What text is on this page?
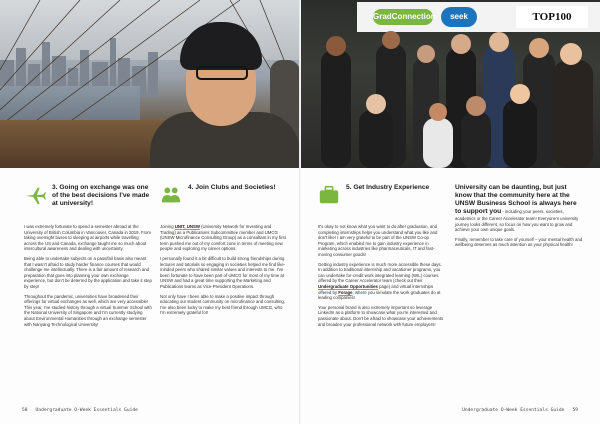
GradConnection	seek	TOP100
3. Going on exchange was one of the best decisions I've made at university!

I was extremely fortunate to spend a semester abroad at the University of British Columbia in Vancouver, Canada in 2019. From taking overnight buses to sleeping at airports while travelling across the US and Canada, exchange taught me so much about intercultural awareness and dealing with uncertainty.

Being able to undertake subjects on a pass/fail basis also meant that I wasn't afraid to study harder finance courses that would challenge me intellectually. There is a fair amount of research and preparation that goes into planning your own exchange experience, but don't be deterred by the application and take it step by step!

Throughout the pandemic, universities have broadened their offerings for virtual exchanges as well, which are very accessible! This year, I've studied history through a virtual Summer School with the National University of Singapore and I'm currently studying about Environmental Humanities through an exchange semester with Nanyang Technological University!

4. Join Clubs and Societies!

Joining UNIT, UNSW (University Network for Investing and Trading) as a Publications Subcommittee member and UMCG (UNSW Microfinance Consulting Group) as a consultant in my first term pushed me out of my comfort zone in terms of meeting new people and exploring my career options.

I personally found it a bit difficult to build strong friendships during lectures and tutorials so engaging in societies helped me find like-minded peers who shared similar values and interests to me. I've been fortunate to have been part of UMCG for most of my time at UNSW and had a great time supporting the Marketing and Publications teams as Vice-President Operations.

Not only have I been able to make a positive impact through educating our student community on microfinance and consulting, I've also been lucky to make my best friend through UMCG, who I'm extremely grateful for!

5. Get Industry Experience

It's okay to not know what you want to do after graduation, and completing internships helps you understand what you like and don't like! I am very grateful to be part of the UNSW Co-op Program, which enabled me to gain industry experience in marketing across industries like pharmaceuticals, IT and fast-moving consumer goods!

Getting industry experience is much more accessible these days. In addition to traditional internship and vacationer programs, you can undertake for-credit work integrated learning (WIL) courses offered by the Career Accelerator team (check out their Undergraduate Opportunities page) and virtual internships offered by Forage, where you simulate the work graduates do at leading companies!

Your personal brand is also extremely important so leverage LinkedIn as a platform to showcase what you're interested and passionate about. Don't be afraid to showcase your achievements and broaden your professional network with future employers!

University can be daunting, but just know that the community here at the UNSW Business School is always here to support you - including your peers, societies, academics or the Career Accelerator team! Everyone's university journey looks different, so focus on how you want to grow and achieve your own unique goals.

Finally, remember to take care of yourself – your mental health and wellbeing deserves as much attention as your physical health!

58 Undergraduate O-Week Essentials Guide	Undergraduate O-Week Essentials Guide 59
